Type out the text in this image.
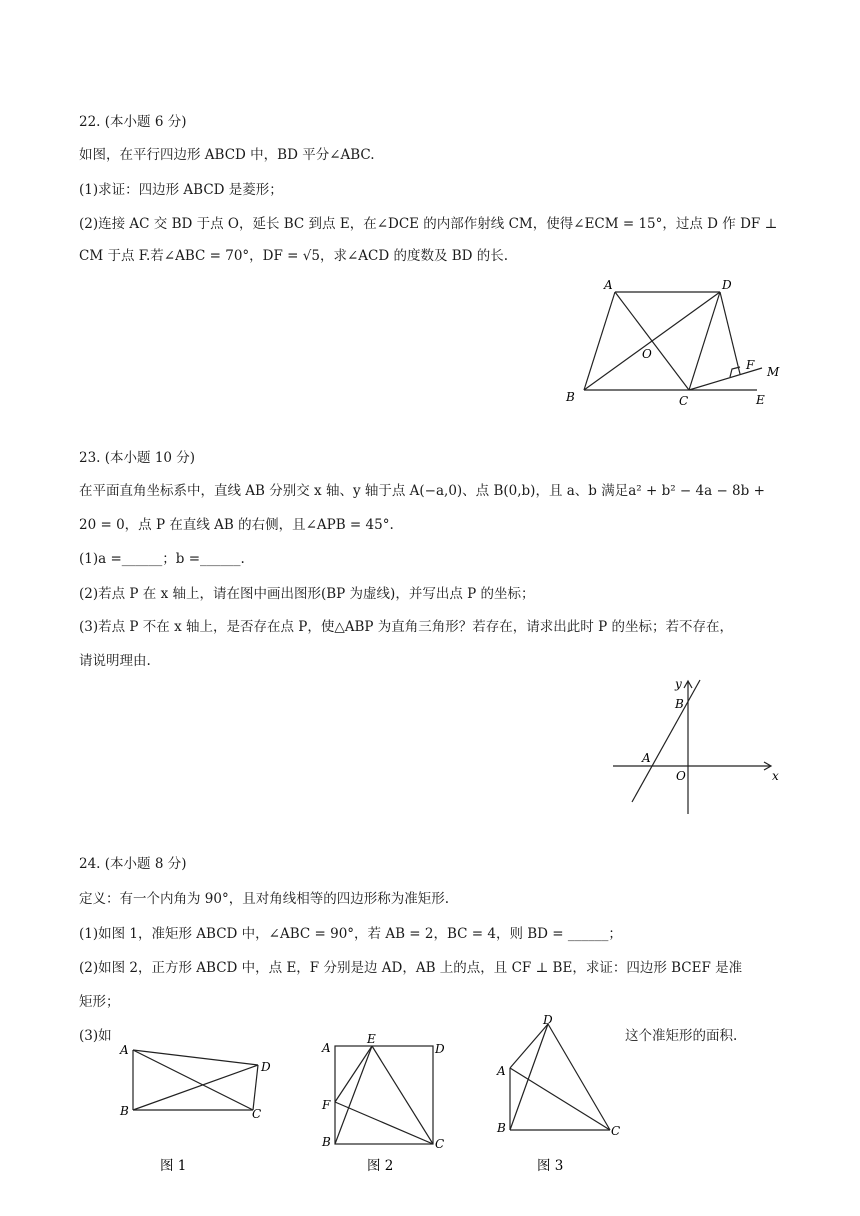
22. (本小题 6 分)
如图，在平行四边形 ABCD 中，BD 平分∠ABC.
(1)求证：四边形 ABCD 是菱形；
(2)连接 AC 交 BD 于点 O，延长 BC 到点 E，在∠DCE 的内部作射线 CM，使得∠ECM = 15°，过点 D 作 DF ⊥
CM 于点 F.若∠ABC = 70°，DF = √5，求∠ACD 的度数及 BD 的长.
A	D
O
F M
B	C	E
23. (本小题 10 分)
在平面直角坐标系中，直线 AB 分别交 x 轴、y 轴于点 A(−a,0)、点 B(0,b)，且 a、b 满足a² + b² − 4a − 8b +
20 = 0，点 P 在直线 AB 的右侧，且∠APB = 45°.
(1)a =______；b =______.
(2)若点 P 在 x 轴上，请在图中画出图形(BP 为虚线)，并写出点 P 的坐标；
(3)若点 P 不在 x 轴上，是否存在点 P，使△ABP 为直角三角形？若存在，请求出此时 P 的坐标；若不存在，
请说明理由.
y
B
A
O	x
24. (本小题 8 分)
定义：有一个内角为 90°，且对角线相等的四边形称为准矩形.
(1)如图 1，准矩形 ABCD 中，∠ABC = 90°，若 AB = 2，BC = 4，则 BD = ______；
(2)如图 2，正方形 ABCD 中，点 E，F 分别是边 AD，AB 上的点，且 CF ⊥ BE，求证：四边形 BCEF 是准
矩形；
(3)如	这个准矩形的面积.
A
D
B	C
图 1
A
E
D
F
B	C
图 2
D
A
B	C
图 3
